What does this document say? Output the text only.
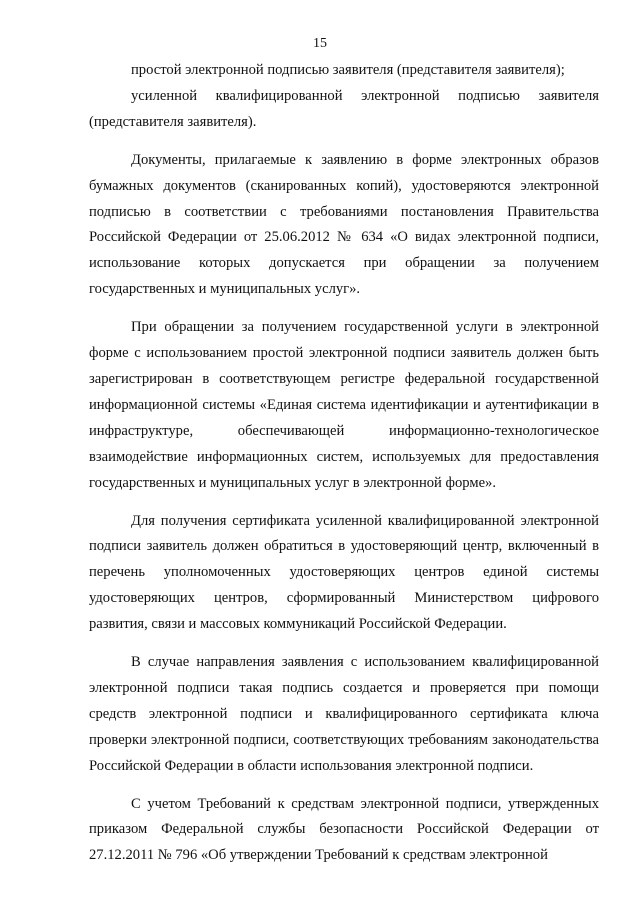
15

простой электронной подписью заявителя (представителя заявителя);

усиленной квалифицированной электронной подписью заявителя (представителя заявителя).

Документы, прилагаемые к заявлению в форме электронных образов бумажных документов (сканированных копий), удостоверяются электронной подписью в соответствии с требованиями постановления Правительства Российской Федерации от 25.06.2012 № 634 «О видах электронной подписи, использование которых допускается при обращении за получением государственных и муниципальных услуг».

При обращении за получением государственной услуги в электронной форме с использованием простой электронной подписи заявитель должен быть зарегистрирован в соответствующем регистре федеральной государственной информационной системы «Единая система идентификации и аутентификации в инфраструктуре, обеспечивающей информационно-технологическое взаимодействие информационных систем, используемых для предоставления государственных и муниципальных услуг в электронной форме».

Для получения сертификата усиленной квалифицированной электронной подписи заявитель должен обратиться в удостоверяющий центр, включенный в перечень уполномоченных удостоверяющих центров единой системы удостоверяющих центров, сформированный Министерством цифрового развития, связи и массовых коммуникаций Российской Федерации.

В случае направления заявления с использованием квалифицированной электронной подписи такая подпись создается и проверяется при помощи средств электронной подписи и квалифицированного сертификата ключа проверки электронной подписи, соответствующих требованиям законодательства Российской Федерации в области использования электронной подписи.

С учетом Требований к средствам электронной подписи, утвержденных приказом Федеральной службы безопасности Российской Федерации от 27.12.2011 № 796 «Об утверждении Требований к средствам электронной
